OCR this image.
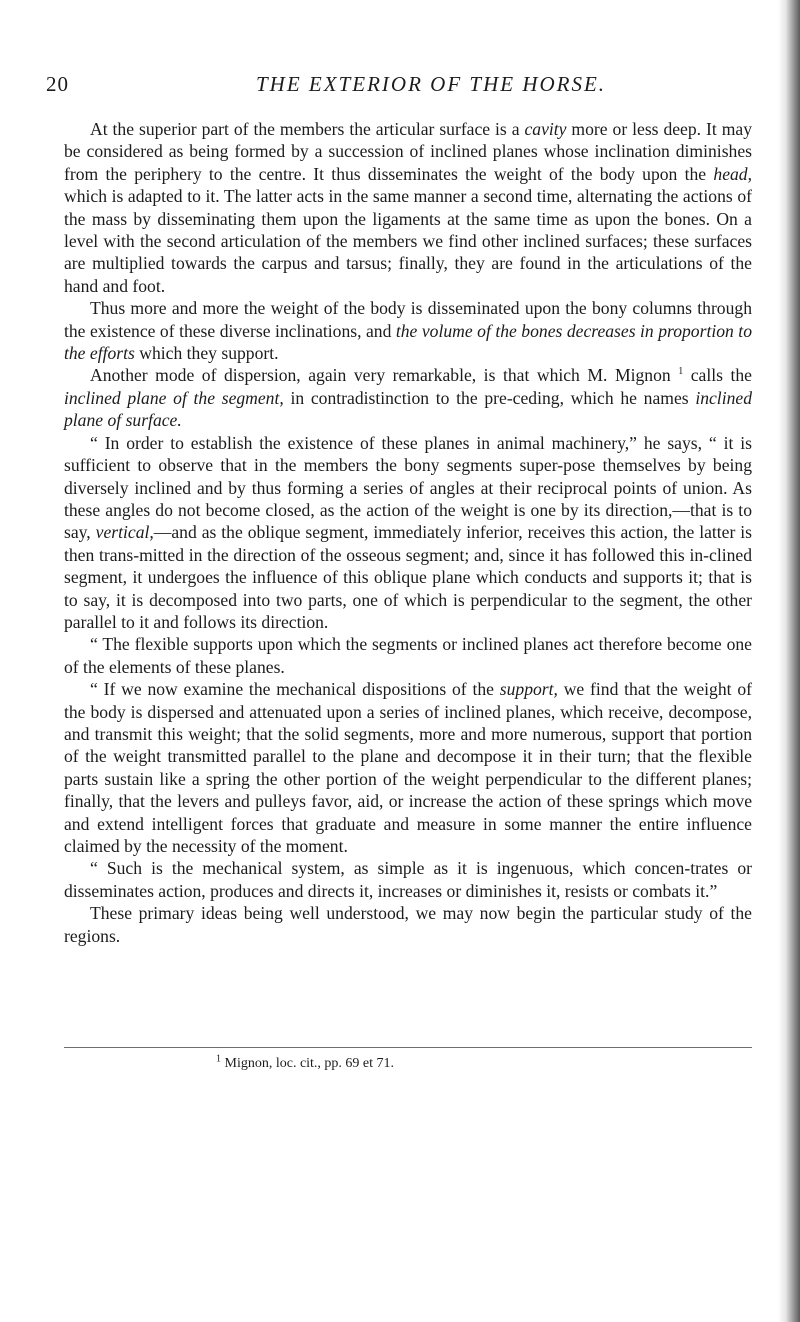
20	THE EXTERIOR OF THE HORSE.

At the superior part of the members the articular surface is a cavity more or less deep. It may be considered as being formed by a succession of inclined planes whose inclination diminishes from the periphery to the centre. It thus disseminates the weight of the body upon the head, which is adapted to it. The latter acts in the same manner a second time, alternating the actions of the mass by disseminating them upon the ligaments at the same time as upon the bones. On a level with the second articulation of the members we find other inclined surfaces; these surfaces are multiplied towards the carpus and tarsus; finally, they are found in the articulations of the hand and foot.

Thus more and more the weight of the body is disseminated upon the bony columns through the existence of these diverse inclinations, and the volume of the bones decreases in proportion to the efforts which they support.

Another mode of dispersion, again very remarkable, is that which M. Mignon $^1$ calls the inclined plane of the segment, in contradistinction to the pre-ceding, which he names inclined plane of surface.

“ In order to establish the existence of these planes in animal machinery,” he says, “ it is sufficient to observe that in the members the bony segments super-pose themselves by being diversely inclined and by thus forming a series of angles at their reciprocal points of union. As these angles do not become closed, as the action of the weight is one by its direction,—that is to say, vertical,—and as the oblique segment, immediately inferior, receives this action, the latter is then trans-mitted in the direction of the osseous segment; and, since it has followed this in-clined segment, it undergoes the influence of this oblique plane which conducts and supports it; that is to say, it is decomposed into two parts, one of which is perpendicular to the segment, the other parallel to it and follows its direction.

“ The flexible supports upon which the segments or inclined planes act therefore become one of the elements of these planes.

“ If we now examine the mechanical dispositions of the support, we find that the weight of the body is dispersed and attenuated upon a series of inclined planes, which receive, decompose, and transmit this weight; that the solid segments, more and more numerous, support that portion of the weight transmitted parallel to the plane and decompose it in their turn; that the flexible parts sustain like a spring the other portion of the weight perpendicular to the different planes; finally, that the levers and pulleys favor, aid, or increase the action of these springs which move and extend intelligent forces that graduate and measure in some manner the entire influence claimed by the necessity of the moment.

“ Such is the mechanical system, as simple as it is ingenuous, which concen-trates or disseminates action, produces and directs it, increases or diminishes it, resists or combats it.”

These primary ideas being well understood, we may now begin the particular study of the regions.

$^1$ Mignon, loc. cit., pp. 69 et 71.
